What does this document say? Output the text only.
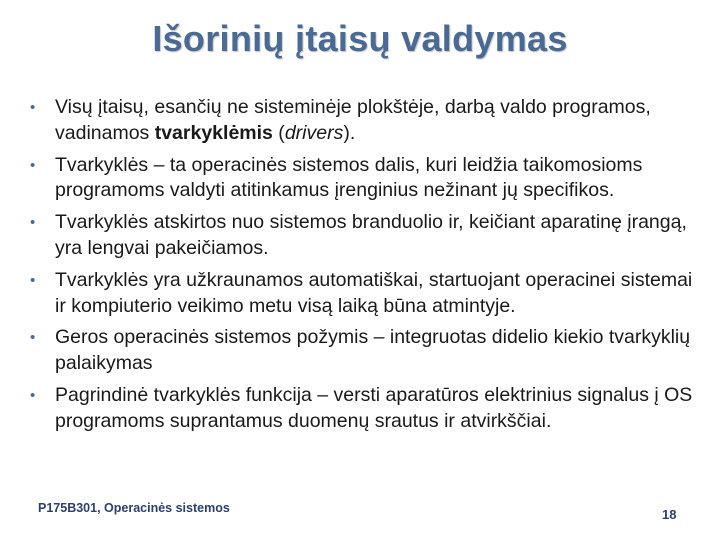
Išorinių įtaisų valdymas
• Visų įtaisų, esančių ne sisteminėje plokštėje, darbą valdo programos, vadinamos tvarkyklėmis (drivers).
• Tvarkyklės – ta operacinės sistemos dalis, kuri leidžia taikomosioms programoms valdyti atitinkamus įrenginius nežinant jų specifikos.
• Tvarkyklės atskirtos nuo sistemos branduolio ir, keičiant aparatinę įrangą, yra lengvai pakeičiamos.
• Tvarkyklės yra užkraunamos automatiškai, startuojant operacinei sistemai ir kompiuterio veikimo metu visą laiką būna atmintyje.
• Geros operacinės sistemos požymis – integruotas didelio kiekio tvarkyklių palaikymas
• Pagrindinė tvarkyklės funkcija – versti aparatūros elektrinius signalus į OS programoms suprantamus duomenų srautus ir atvirkščiai.
P175B301, Operacinės sistemos	18
